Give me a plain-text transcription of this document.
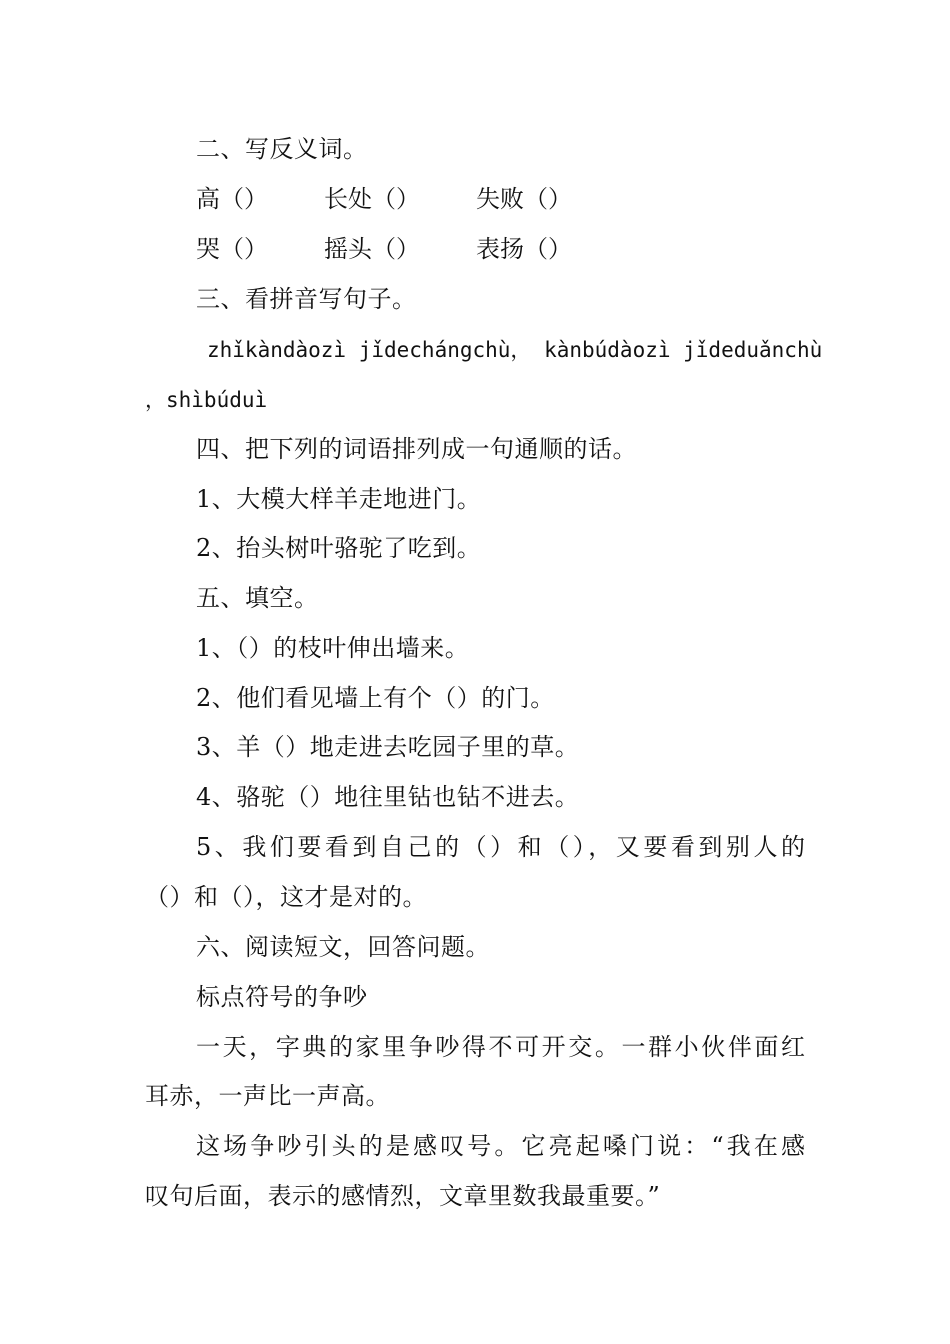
二、写反义词。
高（） 长处（） 失败（）
哭（） 摇头（） 表扬（）
三、看拼音写句子。
zhǐkàndàozì jǐdechángchù， kànbúdàozì jǐdeduǎnchù
，shìbúduì
四、把下列的词语排列成一句通顺的话。
1、大模大样羊走地进门。
2、抬头树叶骆驼了吃到。
五、填空。
1、（）的枝叶伸出墙来。
2、他们看见墙上有个（）的门。
3、羊（）地走进去吃园子里的草。
4、骆驼（）地往里钻也钻不进去。
5、我们要看到自己的（）和（），又要看到别人的
（）和（），这才是对的。
六、阅读短文，回答问题。
标点符号的争吵
一天，字典的家里争吵得不可开交。一群小伙伴面红
耳赤，一声比一声高。
这场争吵引头的是感叹号。它亮起嗓门说：“我在感
叹句后面，表示的感情烈，文章里数我最重要。”
